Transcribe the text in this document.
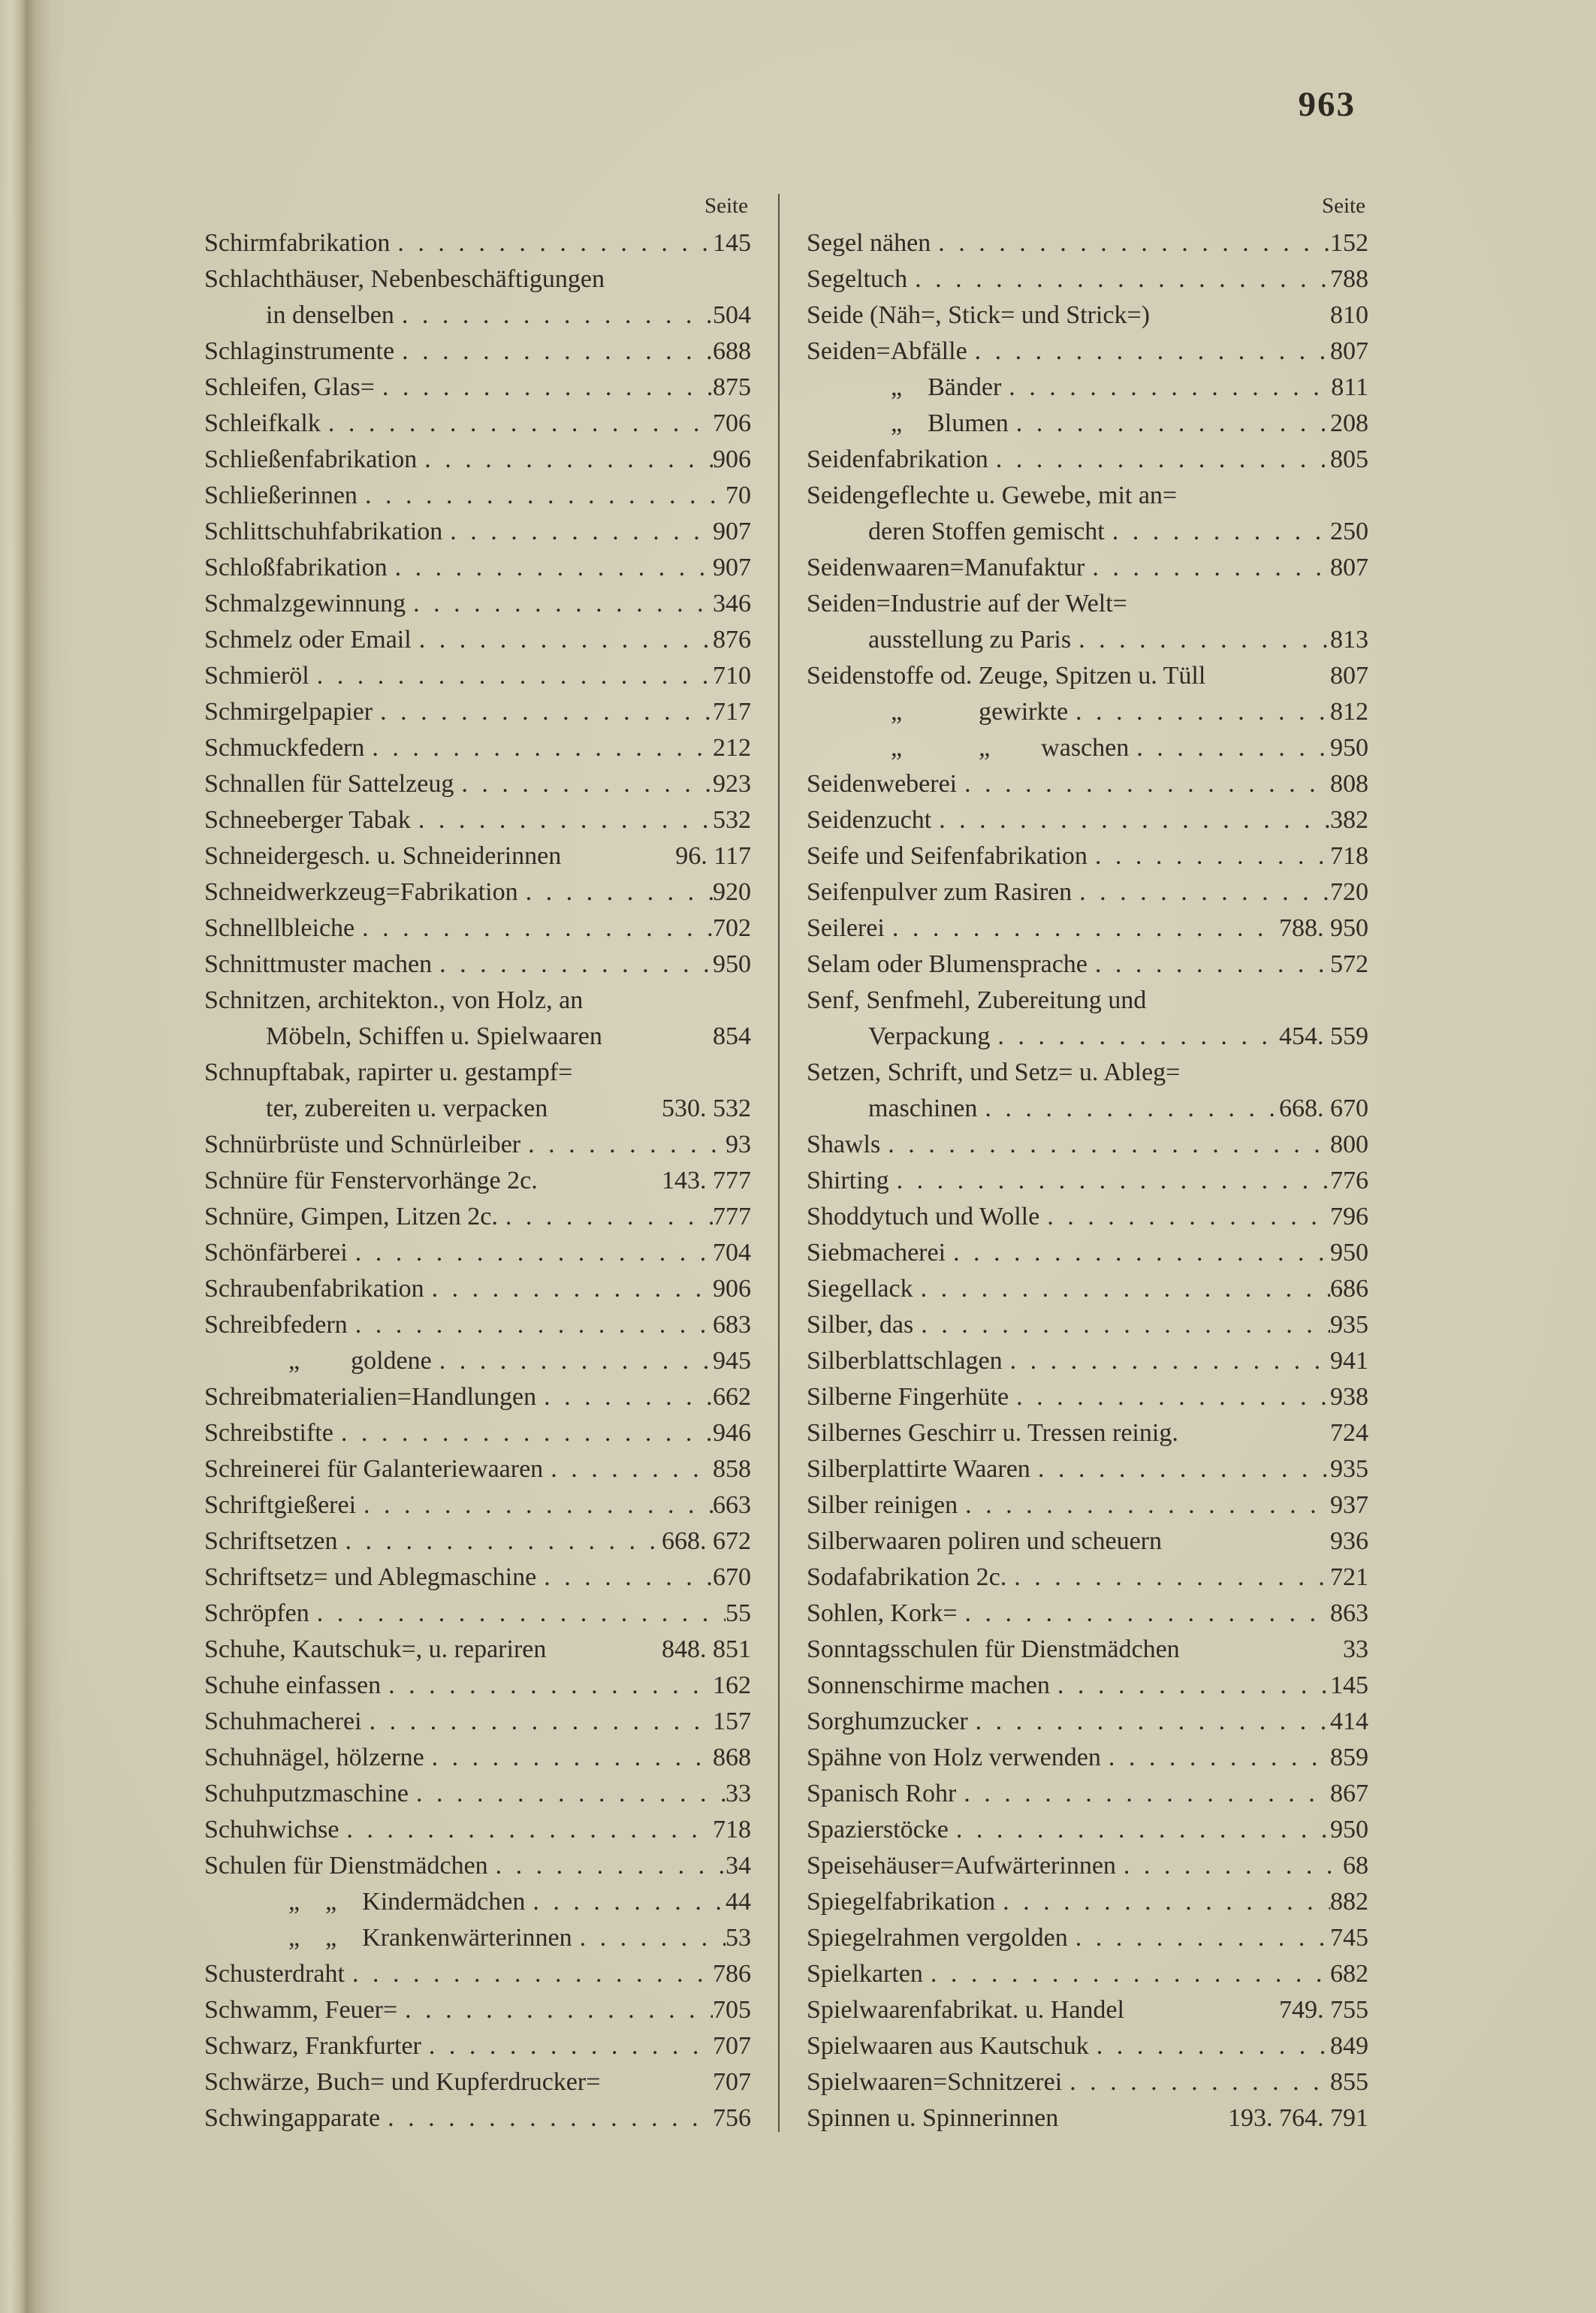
963
Seite
Schirmfabrikation . . .	145
Schlachthäuser, Nebenbeschäftigungen
in denselben . . .	504
Schlaginstrumente . . .	688
Schleifen, Glas= . . .	875
Schleifkalk . . .	706
Schließenfabrikation . . .	906
Schließerinnen . . .	70
Schlittschuhfabrikation . . .	907
Schloßfabrikation . . .	907
Schmalzgewinnung . . .	346
Schmelz oder Email . . .	876
Schmieröl . . .	710
Schmirgelpapier . . .	717
Schmuckfedern . . .	212
Schnallen für Sattelzeug . . .	923
Schneeberger Tabak . . .	532
Schneidergesch. u. Schneiderinnen	96. 117
Schneidwerkzeug=Fabrikation . . .	920
Schnellbleiche . . .	702
Schnittmuster machen . . .	950
Schnitzen, architekton., von Holz, an
Möbeln, Schiffen u. Spielwaaren	854
Schnupftabak, rapirter u. gestampf=
ter, zubereiten u. verpacken	530. 532
Schnürbrüste und Schnürleiber . . .	93
Schnüre für Fenstervorhänge 2c.	143. 777
Schnüre, Gimpen, Litzen 2c. . . .	777
Schönfärberei . . .	704
Schraubenfabrikation . . .	906
Schreibfedern . . .	683
„  goldene . . .	945
Schreibmaterialien=Handlungen . . .	662
Schreibstifte . . .	946
Schreinerei für Galanteriewaaren . . .	858
Schriftgießerei . . .	663
Schriftsetzen . . .	668. 672
Schriftsetz= und Ablegmaschine . . .	670
Schröpfen . . .	55
Schuhe, Kautschuk=, u. repariren	848. 851
Schuhe einfassen . . .	162
Schuhmacherei . . .	157
Schuhnägel, hölzerne . . .	868
Schuhputzmaschine . . .	33
Schuhwichse . . .	718
Schulen für Dienstmädchen . . .	34
„ „ Kindermädchen . . .	44
„ „ Krankenwärterinnen . . .	53
Schusterdraht . . .	786
Schwamm, Feuer= . . .	705
Schwarz, Frankfurter . . .	707
Schwärze, Buch= und Kupferdrucker=	707
Schwingapparate . . .	756
Seite
Segel nähen . . .	152
Segeltuch . . .	788
Seide (Näh=, Stick= und Strick=)	810
Seiden=Abfälle . . .	807
„ Bänder . . .	811
„ Blumen . . .	208
Seidenfabrikation . . .	805
Seidengeflechte u. Gewebe, mit an=
deren Stoffen gemischt . . .	250
Seidenwaaren=Manufaktur . . .	807
Seiden=Industrie auf der Welt=
ausstellung zu Paris . . .	813
Seidenstoffe od. Zeuge, Spitzen u. Tüll	807
„   gewirkte . . .	812
„   „  waschen . . .	950
Seidenweberei . . .	808
Seidenzucht . . .	382
Seife und Seifenfabrikation . . .	718
Seifenpulver zum Rasiren . . .	720
Seilerei . . .	788. 950
Selam oder Blumensprache . . .	572
Senf, Senfmehl, Zubereitung und
Verpackung . . .	454. 559
Setzen, Schrift, und Setz= u. Ableg=
maschinen . . .	668. 670
Shawls . . .	800
Shirting . . .	776
Shoddytuch und Wolle . . .	796
Siebmacherei . . .	950
Siegellack . . .	686
Silber, das . . .	935
Silberblattschlagen . . .	941
Silberne Fingerhüte . . .	938
Silbernes Geschirr u. Tressen reinig.	724
Silberplattirte Waaren . . .	935
Silber reinigen . . .	937
Silberwaaren poliren und scheuern	936
Sodafabrikation 2c. . . .	721
Sohlen, Kork= . . .	863
Sonntagsschulen für Dienstmädchen	33
Sonnenschirme machen . . .	145
Sorghumzucker . . .	414
Spähne von Holz verwenden . . .	859
Spanisch Rohr . . .	867
Spazierstöcke . . .	950
Speisehäuser=Aufwärterinnen . . .	68
Spiegelfabrikation . . .	882
Spiegelrahmen vergolden . . .	745
Spielkarten . . .	682
Spielwaarenfabrikat. u. Handel	749. 755
Spielwaaren aus Kautschuk . . .	849
Spielwaaren=Schnitzerei . . .	855
Spinnen u. Spinnerinnen	193. 764. 791
